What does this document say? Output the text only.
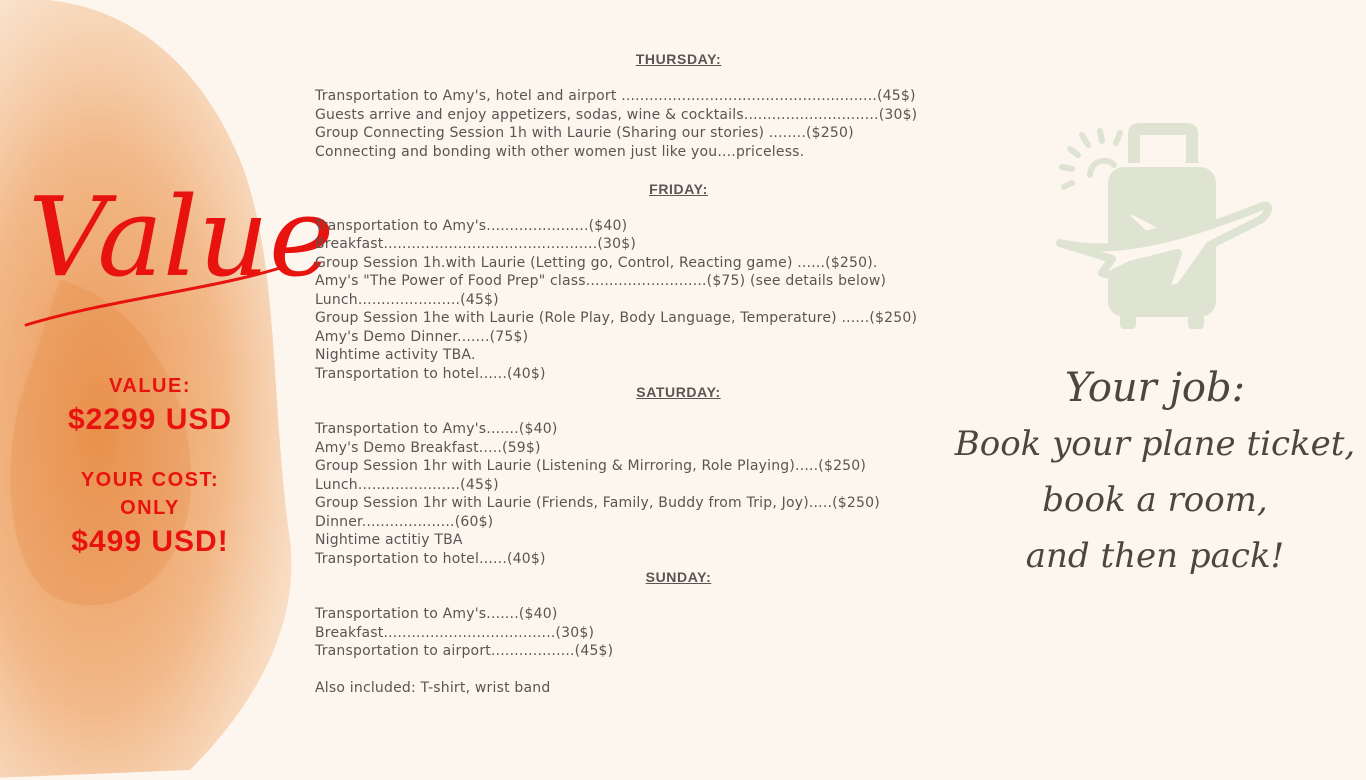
Value
VALUE:
$2299 USD
YOUR COST:
ONLY
$499 USD!
THURSDAY:
Transportation to Amy's, hotel and airport .......................................................(45$)
Guests arrive and enjoy appetizers, sodas, wine & cocktails.............................(30$)
Group Connecting Session 1h with Laurie (Sharing our stories) ........($250)
Connecting and bonding with other women just like you....priceless.
FRIDAY:
Transportation to Amy's......................($40)
Breakfast..............................................(30$)
Group Session 1h.with Laurie (Letting go, Control, Reacting game) ......($250).
Amy's "The Power of Food Prep" class..........................($75) (see details below)
Lunch......................(45$)
Group Session 1he with Laurie (Role Play, Body Language, Temperature) ......($250)
Amy's Demo Dinner.......(75$)
Nightime activity TBA.
Transportation to hotel......(40$)
SATURDAY:
Transportation to Amy's.......($40)
Amy's Demo Breakfast.....(59$)
Group Session 1hr with Laurie (Listening & Mirroring, Role Playing).....($250)
Lunch......................(45$)
Group Session 1hr with Laurie (Friends, Family, Buddy from Trip, Joy).....($250)
Dinner....................(60$)
Nightime actitiy TBA
Transportation to hotel......(40$)
SUNDAY:
Transportation to Amy's.......($40)
Breakfast.....................................(30$)
Transportation to airport..................(45$)
Also included: T-shirt, wrist band
Your job:
Book your plane ticket,
book a room,
and then pack!
